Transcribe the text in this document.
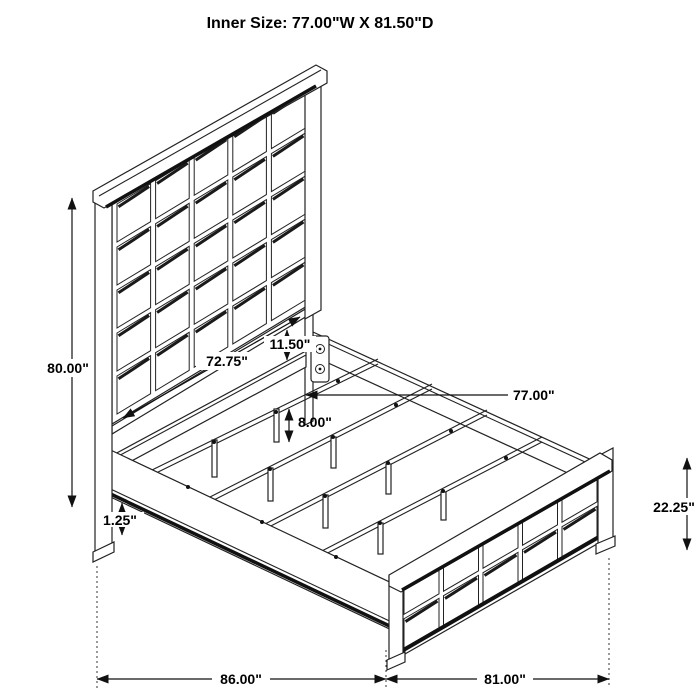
Inner Size: 77.00"W X 81.50"D
80.00"	72.75"
11.50"
77.00"
8.00"
1.25"
22.25"
86.00"	81.00"
